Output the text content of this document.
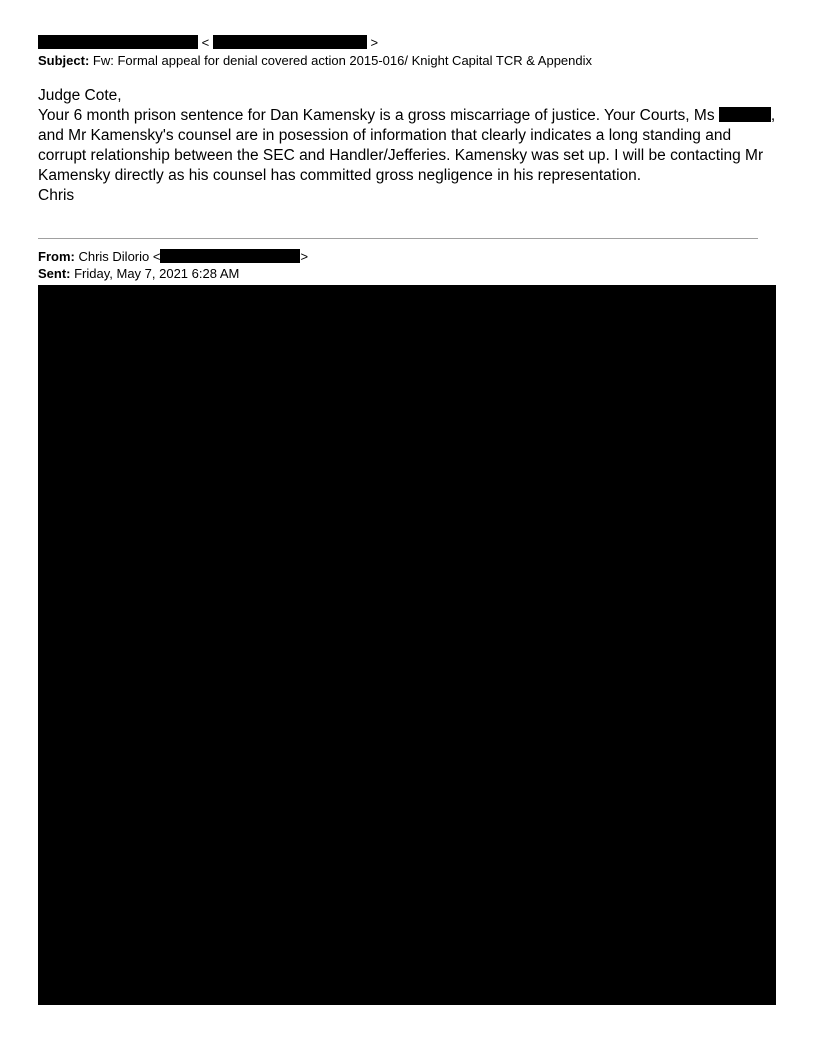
<	>
Subject: Fw: Formal appeal for denial covered action 2015-016/ Knight Capital TCR & Appendix

Judge Cote,

Your 6 month prison sentence for Dan Kamensky is a gross miscarriage of justice. Your Courts, Ms	, and Mr Kamensky's counsel are in posession of information that clearly indicates a long standing and corrupt relationship between the SEC and Handler/Jefferies. Kamensky was set up. I will be contacting Mr Kamensky directly as his counsel has committed gross negligence in his representation.

Chris

From: Chris Dilorio <	>
Sent: Friday, May 7, 2021 6:28 AM
